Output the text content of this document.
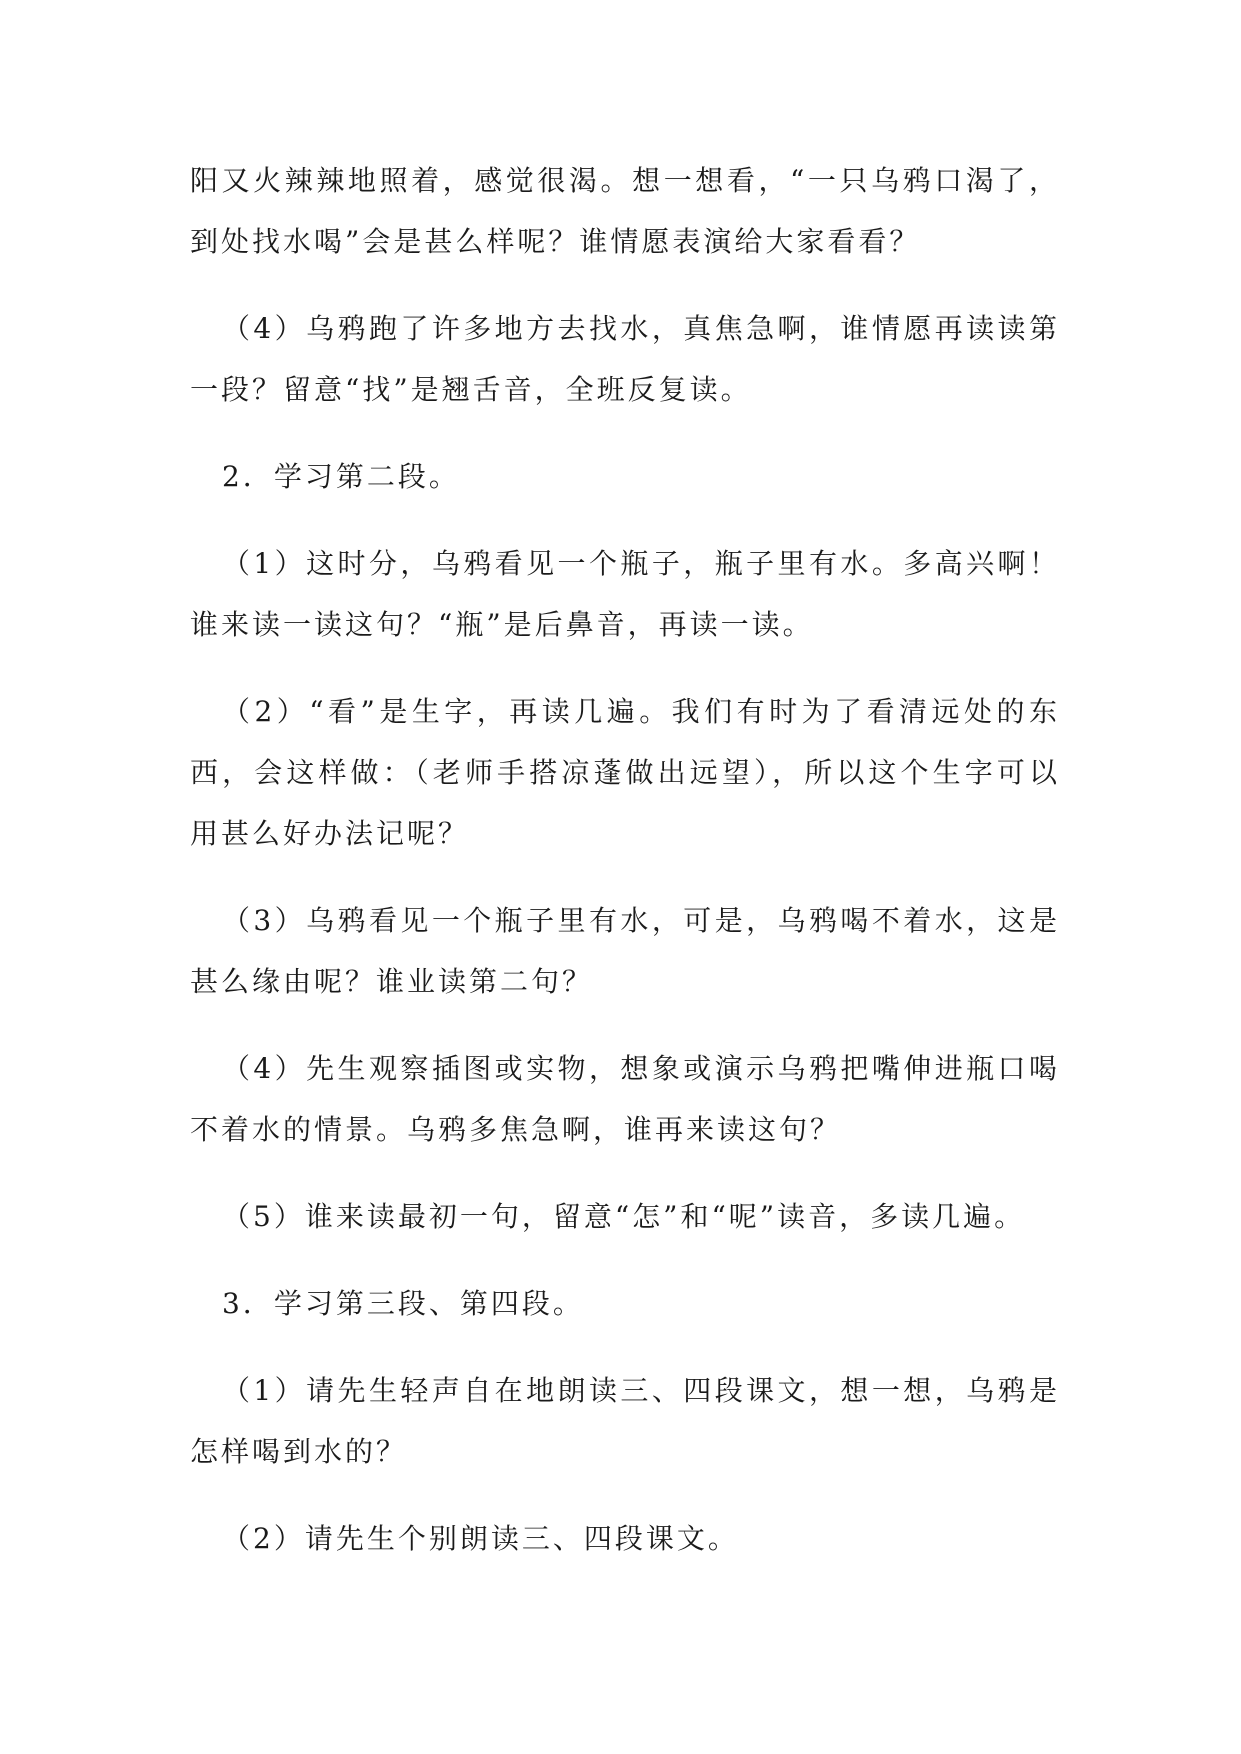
阳又火辣辣地照着，感觉很渴。想一想看，“一只乌鸦口渴了，到处找水喝”会是甚么样呢？谁情愿表演给大家看看？

（4）乌鸦跑了许多地方去找水，真焦急啊，谁情愿再读读第一段？留意“找”是翘舌音，全班反复读。

2．学习第二段。

（1）这时分，乌鸦看见一个瓶子，瓶子里有水。多高兴啊！谁来读一读这句？“瓶”是后鼻音，再读一读。

（2）“看”是生字，再读几遍。我们有时为了看清远处的东西，会这样做：（老师手搭凉蓬做出远望），所以这个生字可以用甚么好办法记呢？

（3）乌鸦看见一个瓶子里有水，可是，乌鸦喝不着水，这是甚么缘由呢？谁业读第二句？

（4）先生观察插图或实物，想象或演示乌鸦把嘴伸进瓶口喝不着水的情景。乌鸦多焦急啊，谁再来读这句？

（5）谁来读最初一句，留意“怎”和“呢”读音，多读几遍。

3．学习第三段、第四段。

（1）请先生轻声自在地朗读三、四段课文，想一想，乌鸦是怎样喝到水的？

（2）请先生个别朗读三、四段课文。
